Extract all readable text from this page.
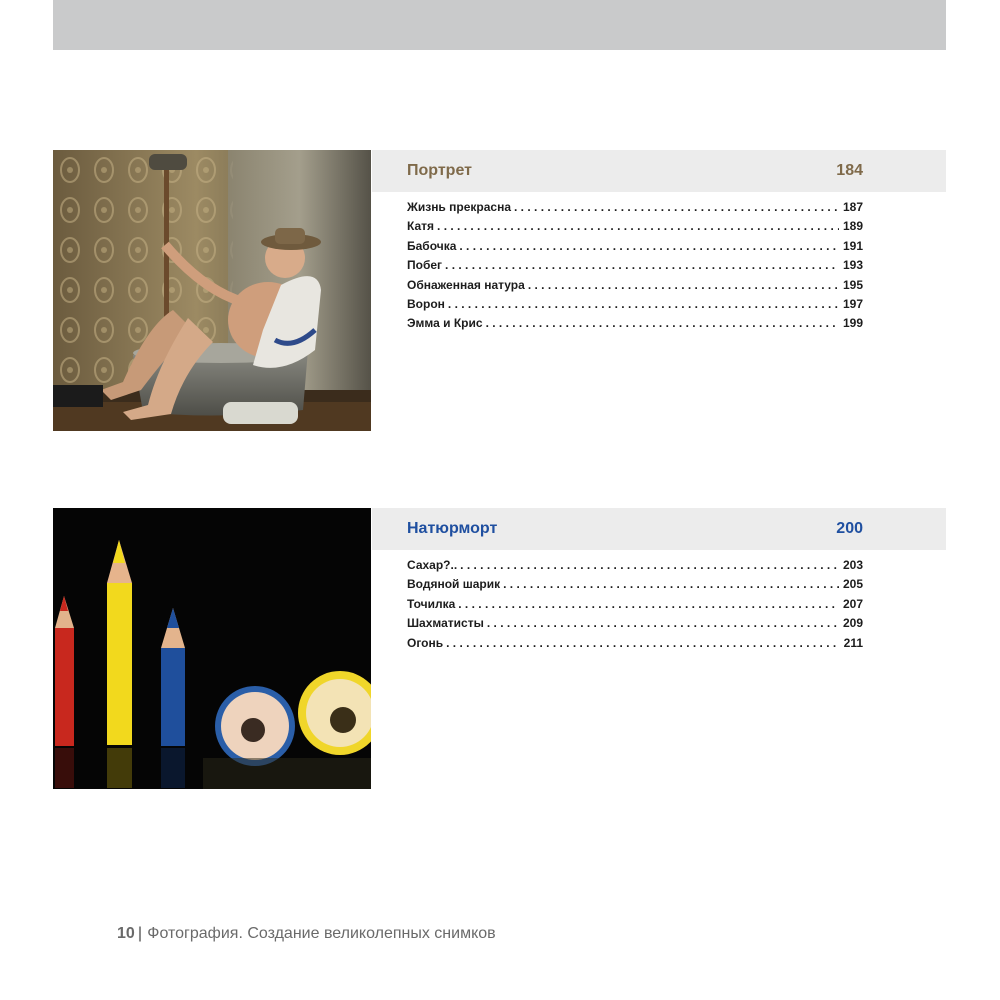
Портрет	184
Жизнь прекрасна . . .	187
Катя . . .	189
Бабочка . . .	191
Побег . . .	193
Обнаженная натура . . .	195
Ворон . . .	197
Эмма и Крис . . .	199
Натюрморт	200
Сахар?.. . . .	203
Водяной шарик . . .	205
Точилка . . .	207
Шахматисты . . .	209
Огонь . . .	211
10 | Фотография. Создание великолепных снимков
